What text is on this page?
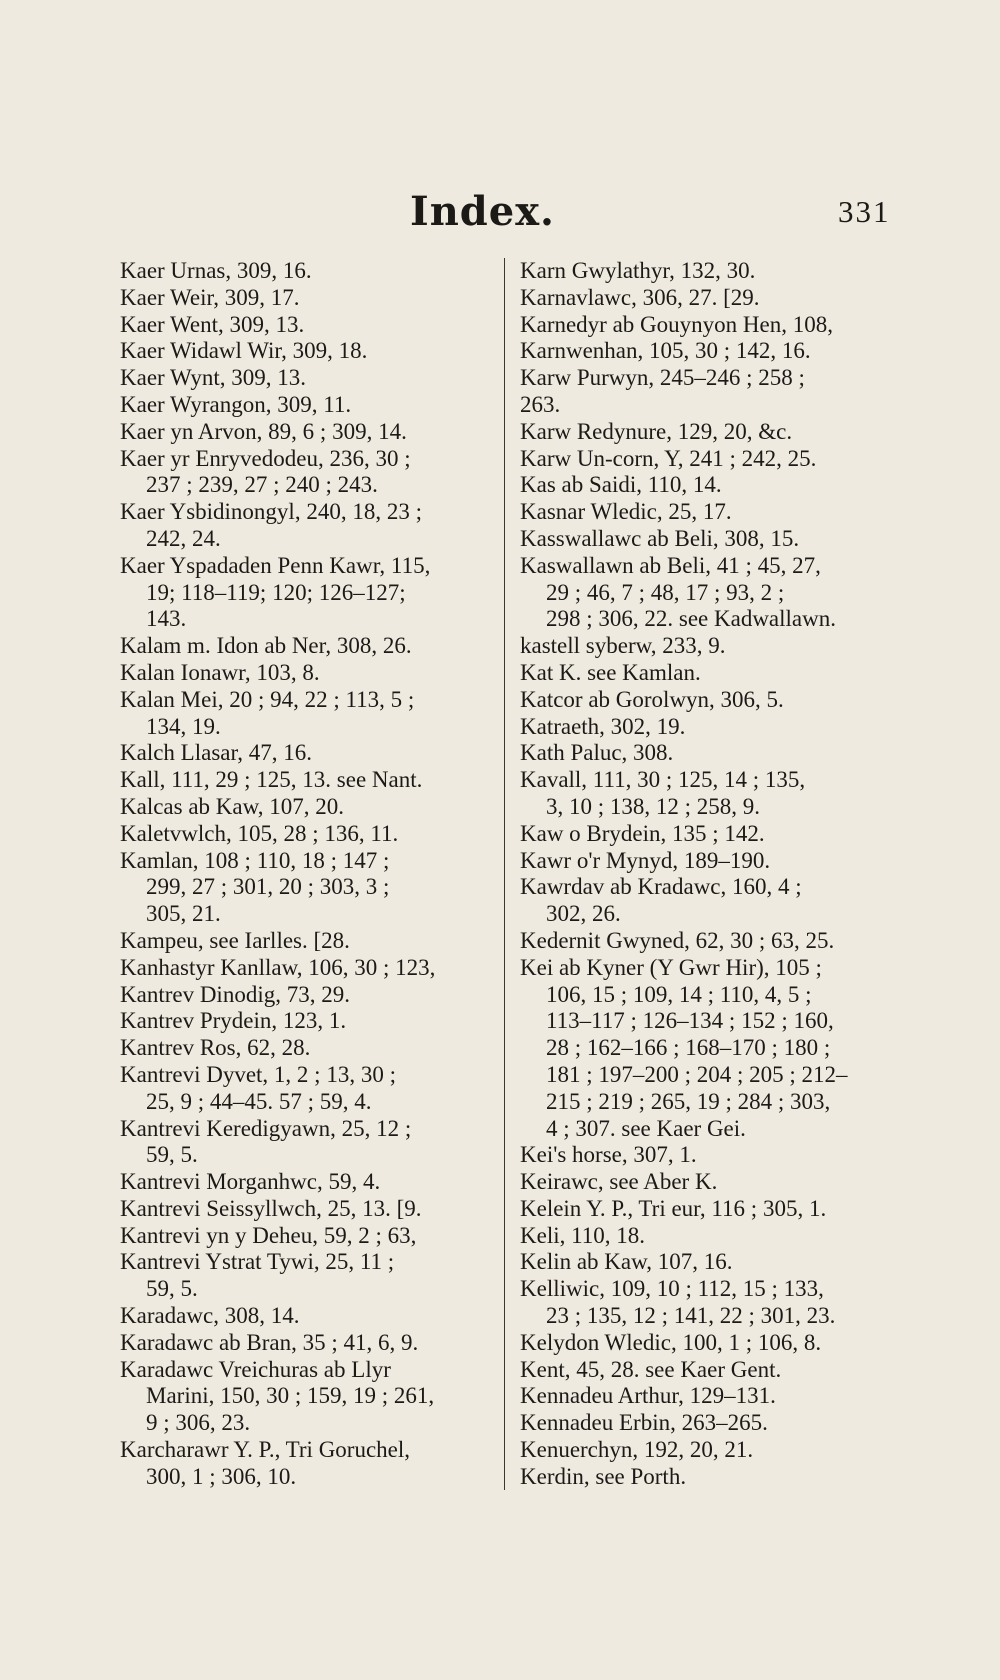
Index.	331
Kaer Urnas, 309, 16.
Kaer Weir, 309, 17.
Kaer Went, 309, 13.
Kaer Widawl Wir, 309, 18.
Kaer Wynt, 309, 13.
Kaer Wyrangon, 309, 11.
Kaer yn Arvon, 89, 6 ; 309, 14.
Kaer yr Enryvedodeu, 236, 30 ;
237 ; 239, 27 ; 240 ; 243.
Kaer Ysbidinongyl, 240, 18, 23 ;
242, 24.
Kaer Yspadaden Penn Kawr, 115,
19; 118–119; 120; 126–127;
143.
Kalam m. Idon ab Ner, 308, 26.
Kalan Ionawr, 103, 8.
Kalan Mei, 20 ; 94, 22 ; 113, 5 ;
134, 19.
Kalch Llasar, 47, 16.
Kall, 111, 29 ; 125, 13. see Nant.
Kalcas ab Kaw, 107, 20.
Kaletvwlch, 105, 28 ; 136, 11.
Kamlan, 108 ; 110, 18 ; 147 ;
299, 27 ; 301, 20 ; 303, 3 ;
305, 21.
Kampeu, see Iarlles. [28.
Kanhastyr Kanllaw, 106, 30 ; 123,
Kantrev Dinodig, 73, 29.
Kantrev Prydein, 123, 1.
Kantrev Ros, 62, 28.
Kantrevi Dyvet, 1, 2 ; 13, 30 ;
25, 9 ; 44–45. 57 ; 59, 4.
Kantrevi Keredigyawn, 25, 12 ;
59, 5.
Kantrevi Morganhwc, 59, 4.
Kantrevi Seissyllwch, 25, 13. [9.
Kantrevi yn y Deheu, 59, 2 ; 63,
Kantrevi Ystrat Tywi, 25, 11 ;
59, 5.
Karadawc, 308, 14.
Karadawc ab Bran, 35 ; 41, 6, 9.
Karadawc Vreichuras ab Llyr
Marini, 150, 30 ; 159, 19 ; 261,
9 ; 306, 23.
Karcharawr Y. P., Tri Goruchel,
300, 1 ; 306, 10.
Karn Gwylathyr, 132, 30.
Karnavlawc, 306, 27. [29.
Karnedyr ab Gouynyon Hen, 108,
Karnwenhan, 105, 30 ; 142, 16.
Karw Purwyn, 245–246 ; 258 ;
263.
Karw Redynure, 129, 20, &c.
Karw Un-corn, Y, 241 ; 242, 25.
Kas ab Saidi, 110, 14.
Kasnar Wledic, 25, 17.
Kasswallawc ab Beli, 308, 15.
Kaswallawn ab Beli, 41 ; 45, 27,
29 ; 46, 7 ; 48, 17 ; 93, 2 ;
298 ; 306, 22. see Kadwallawn.
kastell syberw, 233, 9.
Kat K. see Kamlan.
Katcor ab Gorolwyn, 306, 5.
Katraeth, 302, 19.
Kath Paluc, 308.
Kavall, 111, 30 ; 125, 14 ; 135,
3, 10 ; 138, 12 ; 258, 9.
Kaw o Brydein, 135 ; 142.
Kawr o'r Mynyd, 189–190.
Kawrdav ab Kradawc, 160, 4 ;
302, 26.
Kedernit Gwyned, 62, 30 ; 63, 25.
Kei ab Kyner (Y Gwr Hir), 105 ;
106, 15 ; 109, 14 ; 110, 4, 5 ;
113–117 ; 126–134 ; 152 ; 160,
28 ; 162–166 ; 168–170 ; 180 ;
181 ; 197–200 ; 204 ; 205 ; 212–
215 ; 219 ; 265, 19 ; 284 ; 303,
4 ; 307. see Kaer Gei.
Kei's horse, 307, 1.
Keirawc, see Aber K.
Kelein Y. P., Tri eur, 116 ; 305, 1.
Keli, 110, 18.
Kelin ab Kaw, 107, 16.
Kelliwic, 109, 10 ; 112, 15 ; 133,
23 ; 135, 12 ; 141, 22 ; 301, 23.
Kelydon Wledic, 100, 1 ; 106, 8.
Kent, 45, 28. see Kaer Gent.
Kennadeu Arthur, 129–131.
Kennadeu Erbin, 263–265.
Kenuerchyn, 192, 20, 21.
Kerdin, see Porth.
